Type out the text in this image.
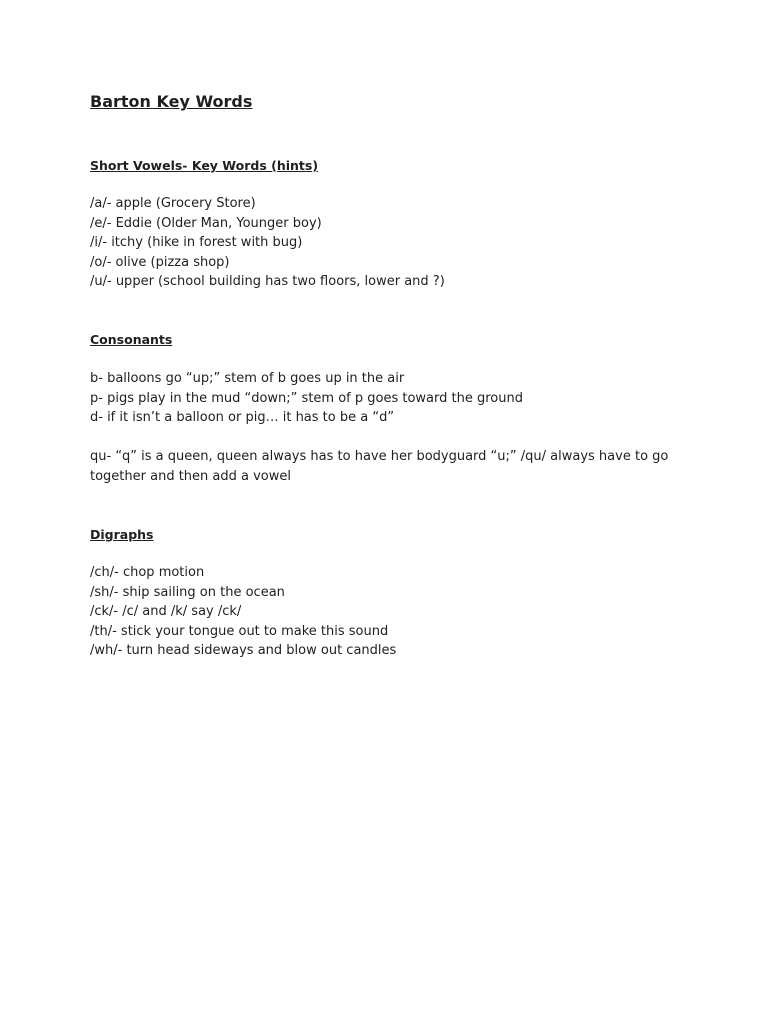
Barton Key Words
Short Vowels- Key Words (hints)
/a/- apple (Grocery Store)
/e/- Eddie (Older Man, Younger boy)
/i/- itchy (hike in forest with bug)
/o/- olive (pizza shop)
/u/- upper (school building has two floors, lower and ?)
Consonants
b- balloons go “up;” stem of b goes up in the air
p- pigs play in the mud “down;” stem of p goes toward the ground
d- if it isn’t a balloon or pig… it has to be a “d”

qu- “q” is a queen, queen always has to have her bodyguard “u;” /qu/ always have to go together and then add a vowel

Digraphs
/ch/- chop motion
/sh/- ship sailing on the ocean
/ck/- /c/ and /k/ say /ck/
/th/- stick your tongue out to make this sound
/wh/- turn head sideways and blow out candles
